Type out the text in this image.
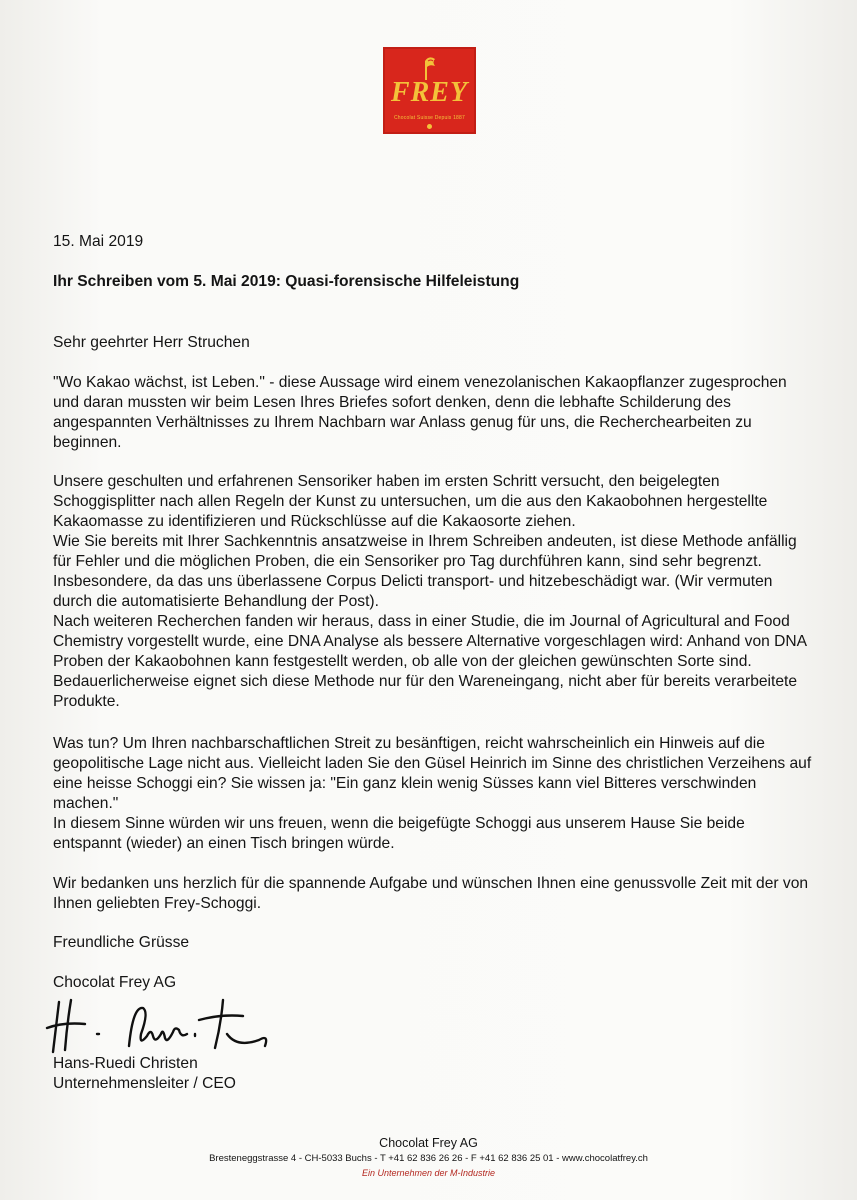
FREY
Chocolat Suisse Depuis 1887
15. Mai 2019
Ihr Schreiben vom 5. Mai 2019: Quasi-forensische Hilfeleistung
Sehr geehrter Herr Struchen
"Wo Kakao wächst, ist Leben." - diese Aussage wird einem venezolanischen Kakaopflanzer zugesprochen und daran mussten wir beim Lesen Ihres Briefes sofort denken, denn die lebhafte Schilderung des angespannten Verhältnisses zu Ihrem Nachbarn war Anlass genug für uns, die Recherchearbeiten zu beginnen.
Unsere geschulten und erfahrenen Sensoriker haben im ersten Schritt versucht, den beigelegten Schoggisplitter nach allen Regeln der Kunst zu untersuchen, um die aus den Kakaobohnen hergestellte Kakaomasse zu identifizieren und Rückschlüsse auf die Kakaosorte ziehen.
Wie Sie bereits mit Ihrer Sachkenntnis ansatzweise in Ihrem Schreiben andeuten, ist diese Methode anfällig für Fehler und die möglichen Proben, die ein Sensoriker pro Tag durchführen kann, sind sehr begrenzt. Insbesondere, da das uns überlassene Corpus Delicti transport- und hitzebeschädigt war. (Wir vermuten durch die automatisierte Behandlung der Post).
Nach weiteren Recherchen fanden wir heraus, dass in einer Studie, die im Journal of Agricultural and Food Chemistry vorgestellt wurde, eine DNA Analyse als bessere Alternative vorgeschlagen wird: Anhand von DNA Proben der Kakaobohnen kann festgestellt werden, ob alle von der gleichen gewünschten Sorte sind. Bedauerlicherweise eignet sich diese Methode nur für den Wareneingang, nicht aber für bereits verarbeitete Produkte.
Was tun? Um Ihren nachbarschaftlichen Streit zu besänftigen, reicht wahrscheinlich ein Hinweis auf die geopolitische Lage nicht aus. Vielleicht laden Sie den Güsel Heinrich im Sinne des christlichen Verzeihens auf eine heisse Schoggi ein? Sie wissen ja: "Ein ganz klein wenig Süsses kann viel Bitteres verschwinden machen."
In diesem Sinne würden wir uns freuen, wenn die beigefügte Schoggi aus unserem Hause Sie beide entspannt (wieder) an einen Tisch bringen würde.
Wir bedanken uns herzlich für die spannende Aufgabe und wünschen Ihnen eine genussvolle Zeit mit der von Ihnen geliebten Frey-Schoggi.
Freundliche Grüsse
Chocolat Frey AG
Hans-Ruedi Christen
Unternehmensleiter / CEO
Chocolat Frey AG
Bresteneggstrasse 4 - CH-5033 Buchs - T +41 62 836 26 26 - F +41 62 836 25 01 - www.chocolatfrey.ch
Ein Unternehmen der M-Industrie
